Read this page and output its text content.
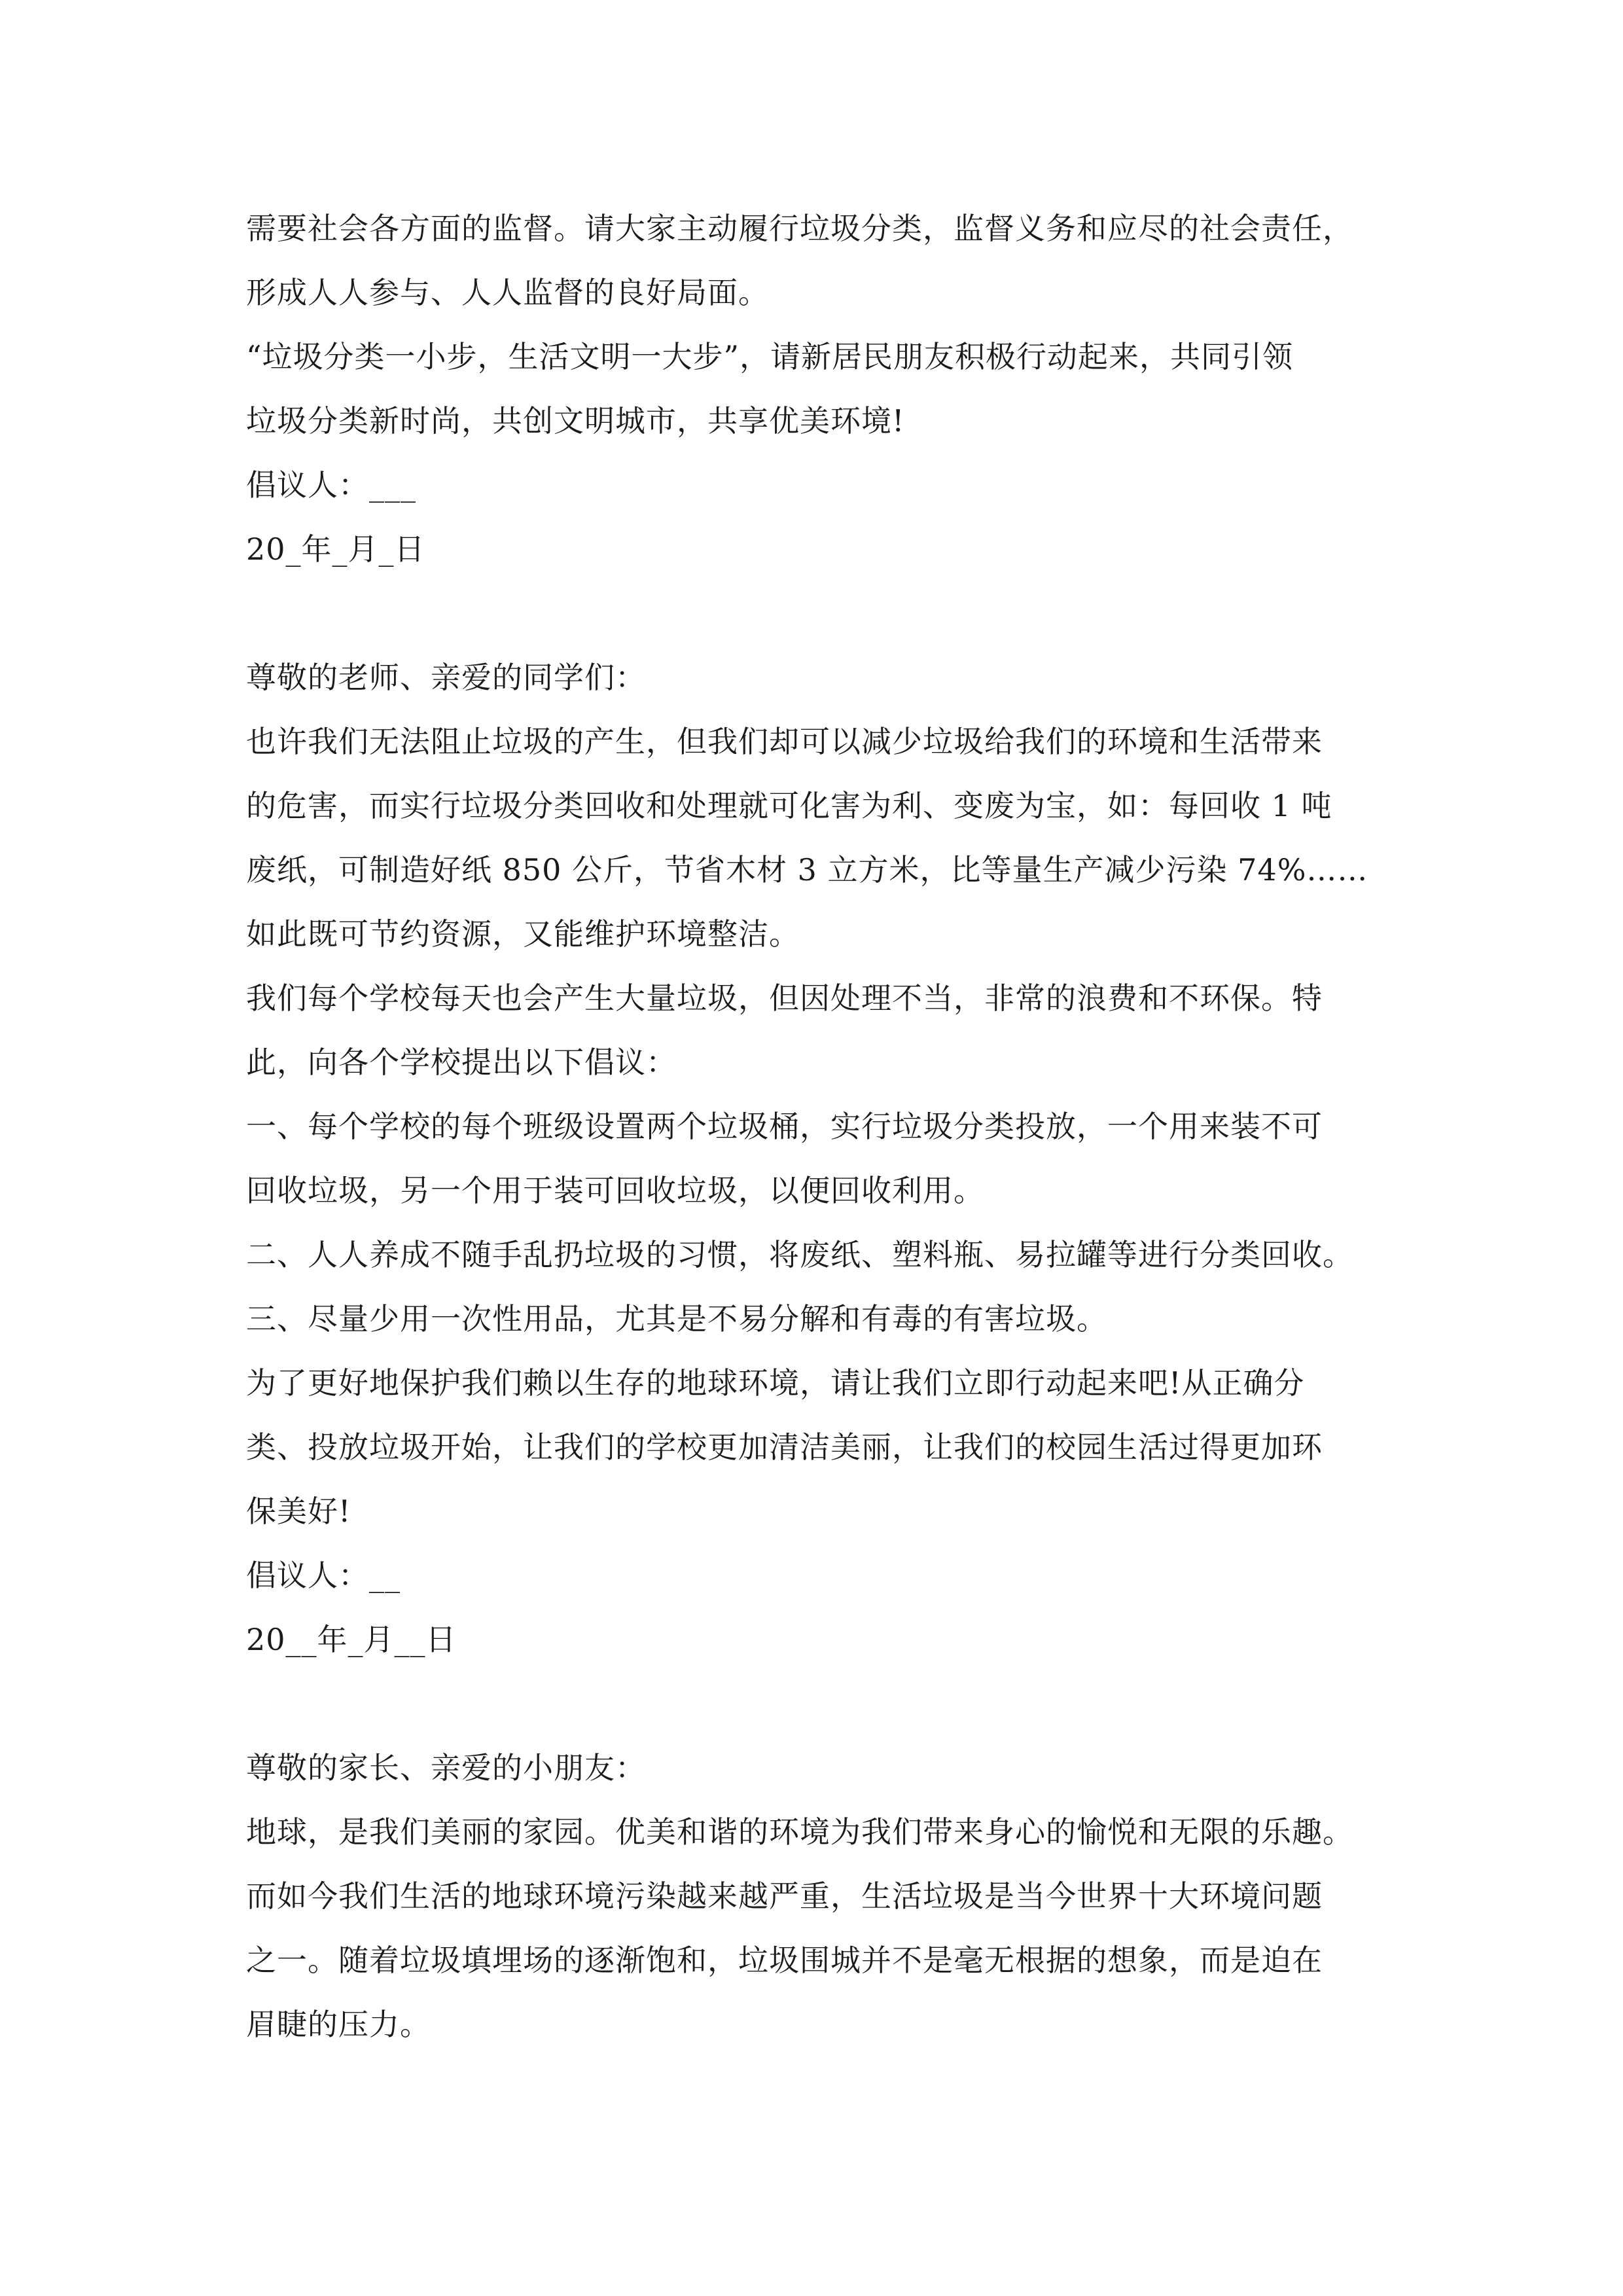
需要社会各方面的监督。请大家主动履行垃圾分类，监督义务和应尽的社会责任，
形成人人参与、人人监督的良好局面。
“垃圾分类一小步，生活文明一大步”，请新居民朋友积极行动起来，共同引领
垃圾分类新时尚，共创文明城市，共享优美环境!
倡议人：___
20_年_月_日
尊敬的老师、亲爱的同学们：
也许我们无法阻止垃圾的产生，但我们却可以减少垃圾给我们的环境和生活带来
的危害，而实行垃圾分类回收和处理就可化害为利、变废为宝，如：每回收 1 吨
废纸，可制造好纸 850 公斤，节省木材 3 立方米，比等量生产减少污染 74%……
如此既可节约资源，又能维护环境整洁。
我们每个学校每天也会产生大量垃圾，但因处理不当，非常的浪费和不环保。特
此，向各个学校提出以下倡议：
一、每个学校的每个班级设置两个垃圾桶，实行垃圾分类投放，一个用来装不可
回收垃圾，另一个用于装可回收垃圾，以便回收利用。
二、人人养成不随手乱扔垃圾的习惯，将废纸、塑料瓶、易拉罐等进行分类回收。
三、尽量少用一次性用品，尤其是不易分解和有毒的有害垃圾。
为了更好地保护我们赖以生存的地球环境，请让我们立即行动起来吧!从正确分
类、投放垃圾开始，让我们的学校更加清洁美丽，让我们的校园生活过得更加环
保美好!
倡议人：__
20__年_月__日
尊敬的家长、亲爱的小朋友：
地球，是我们美丽的家园。优美和谐的环境为我们带来身心的愉悦和无限的乐趣。
而如今我们生活的地球环境污染越来越严重，生活垃圾是当今世界十大环境问题
之一。随着垃圾填埋场的逐渐饱和，垃圾围城并不是毫无根据的想象，而是迫在
眉睫的压力。
